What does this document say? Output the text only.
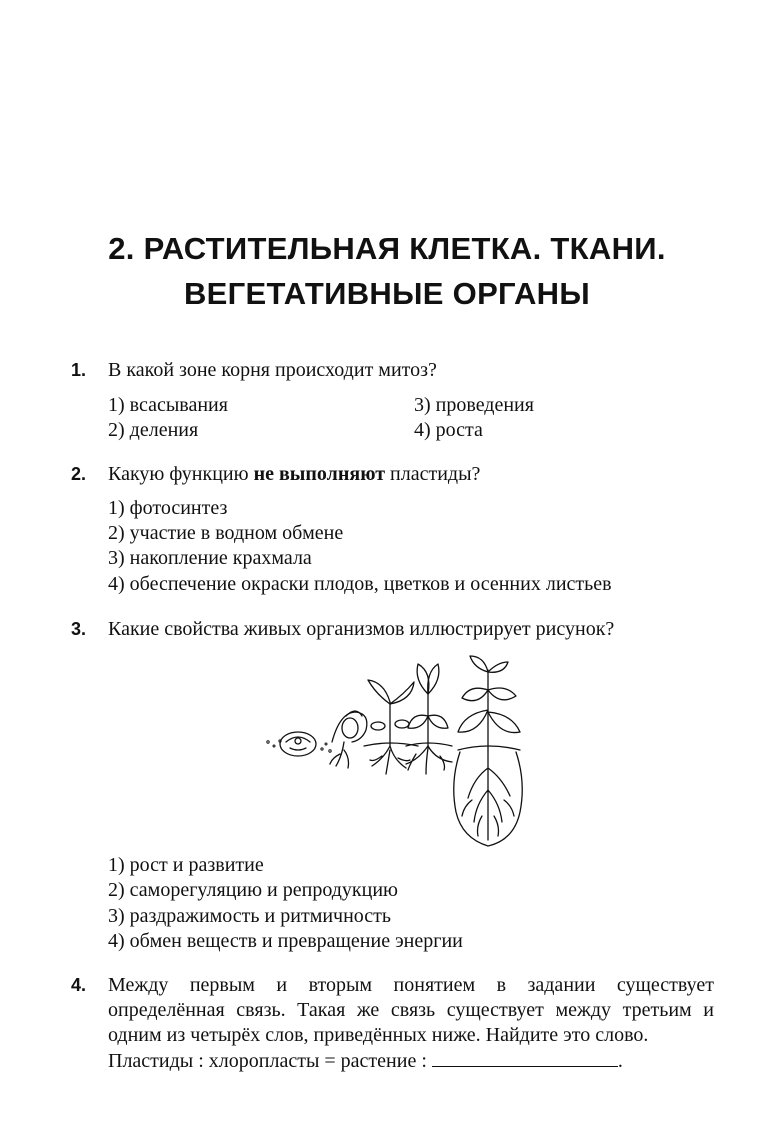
2. РАСТИТЕЛЬНАЯ КЛЕТКА. ТКАНИ.
ВЕГЕТАТИВНЫЕ ОРГАНЫ
1. В какой зоне корня происходит митоз?
1) всасывания
2) деления
3) проведения
4) роста
2. Какую функцию не выполняют пластиды?
1) фотосинтез
2) участие в водном обмене
3) накопление крахмала
4) обеспечение окраски плодов, цветков и осенних листьев
3. Какие свойства живых организмов иллюстрирует рисунок?
1) рост и развитие
2) саморегуляцию и репродукцию
3) раздражимость и ритмичность
4) обмен веществ и превращение энергии
4. Между первым и вторым понятием в задании существует определённая связь. Такая же связь существует между третьим и одним из четырёх слов, приведённых ниже. Найдите это слово.
Пластиды : хлоропласты = растение :	.
